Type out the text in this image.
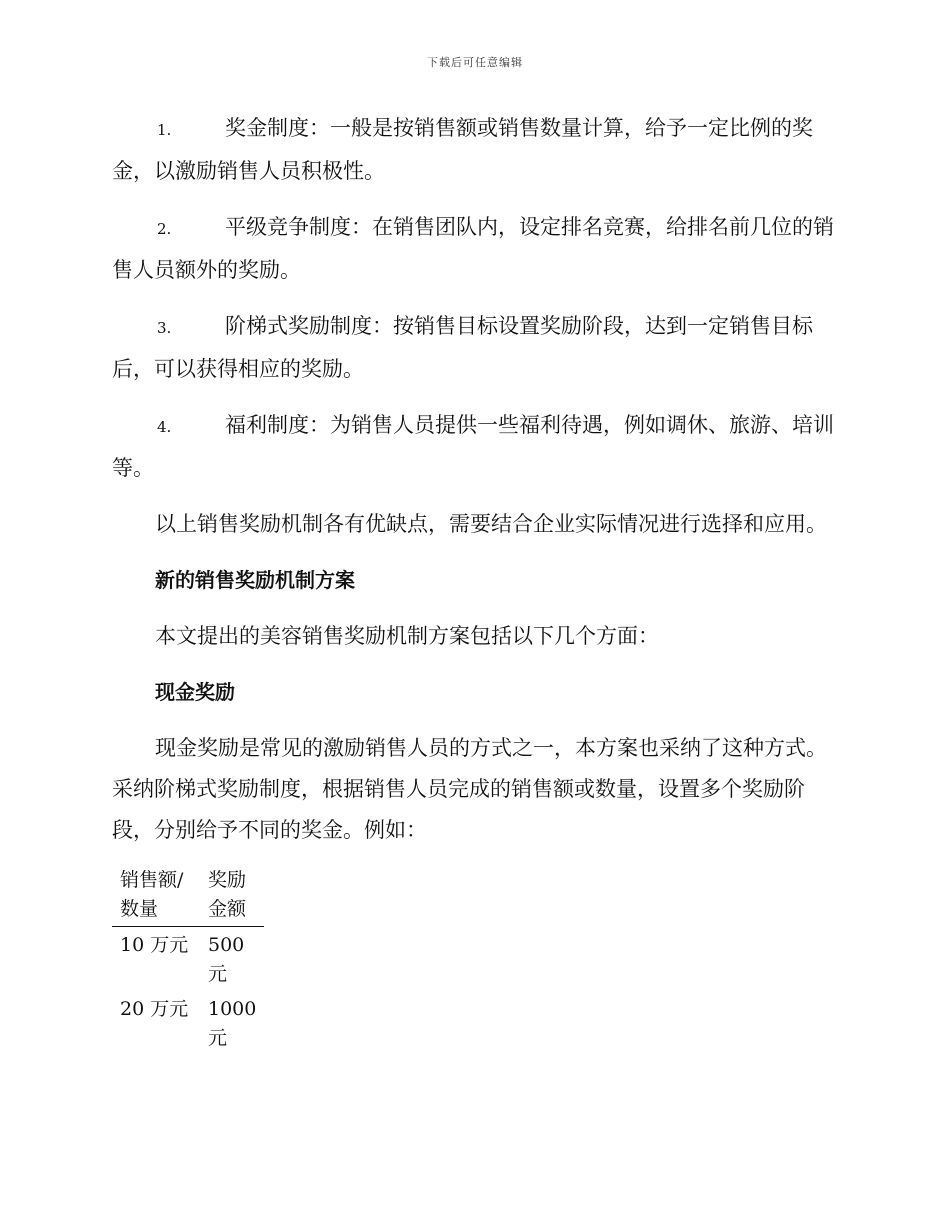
下载后可任意编辑
1.	奖金制度：一般是按销售额或销售数量计算，给予一定比例的奖金，以激励销售人员积极性。
2.	平级竞争制度：在销售团队内，设定排名竞赛，给排名前几位的销售人员额外的奖励。
3.	阶梯式奖励制度：按销售目标设置奖励阶段，达到一定销售目标后，可以获得相应的奖励。
4.	福利制度：为销售人员提供一些福利待遇，例如调休、旅游、培训等。
以上销售奖励机制各有优缺点，需要结合企业实际情况进行选择和应用。
新的销售奖励机制方案
本文提出的美容销售奖励机制方案包括以下几个方面：
现金奖励
现金奖励是常见的激励销售人员的方式之一，本方案也采纳了这种方式。采纳阶梯式奖励制度，根据销售人员完成的销售额或数量，设置多个奖励阶段，分别给予不同的奖金。例如：
销售额/数量	奖励金额
10 万元	500 元
20 万元	1000 元
